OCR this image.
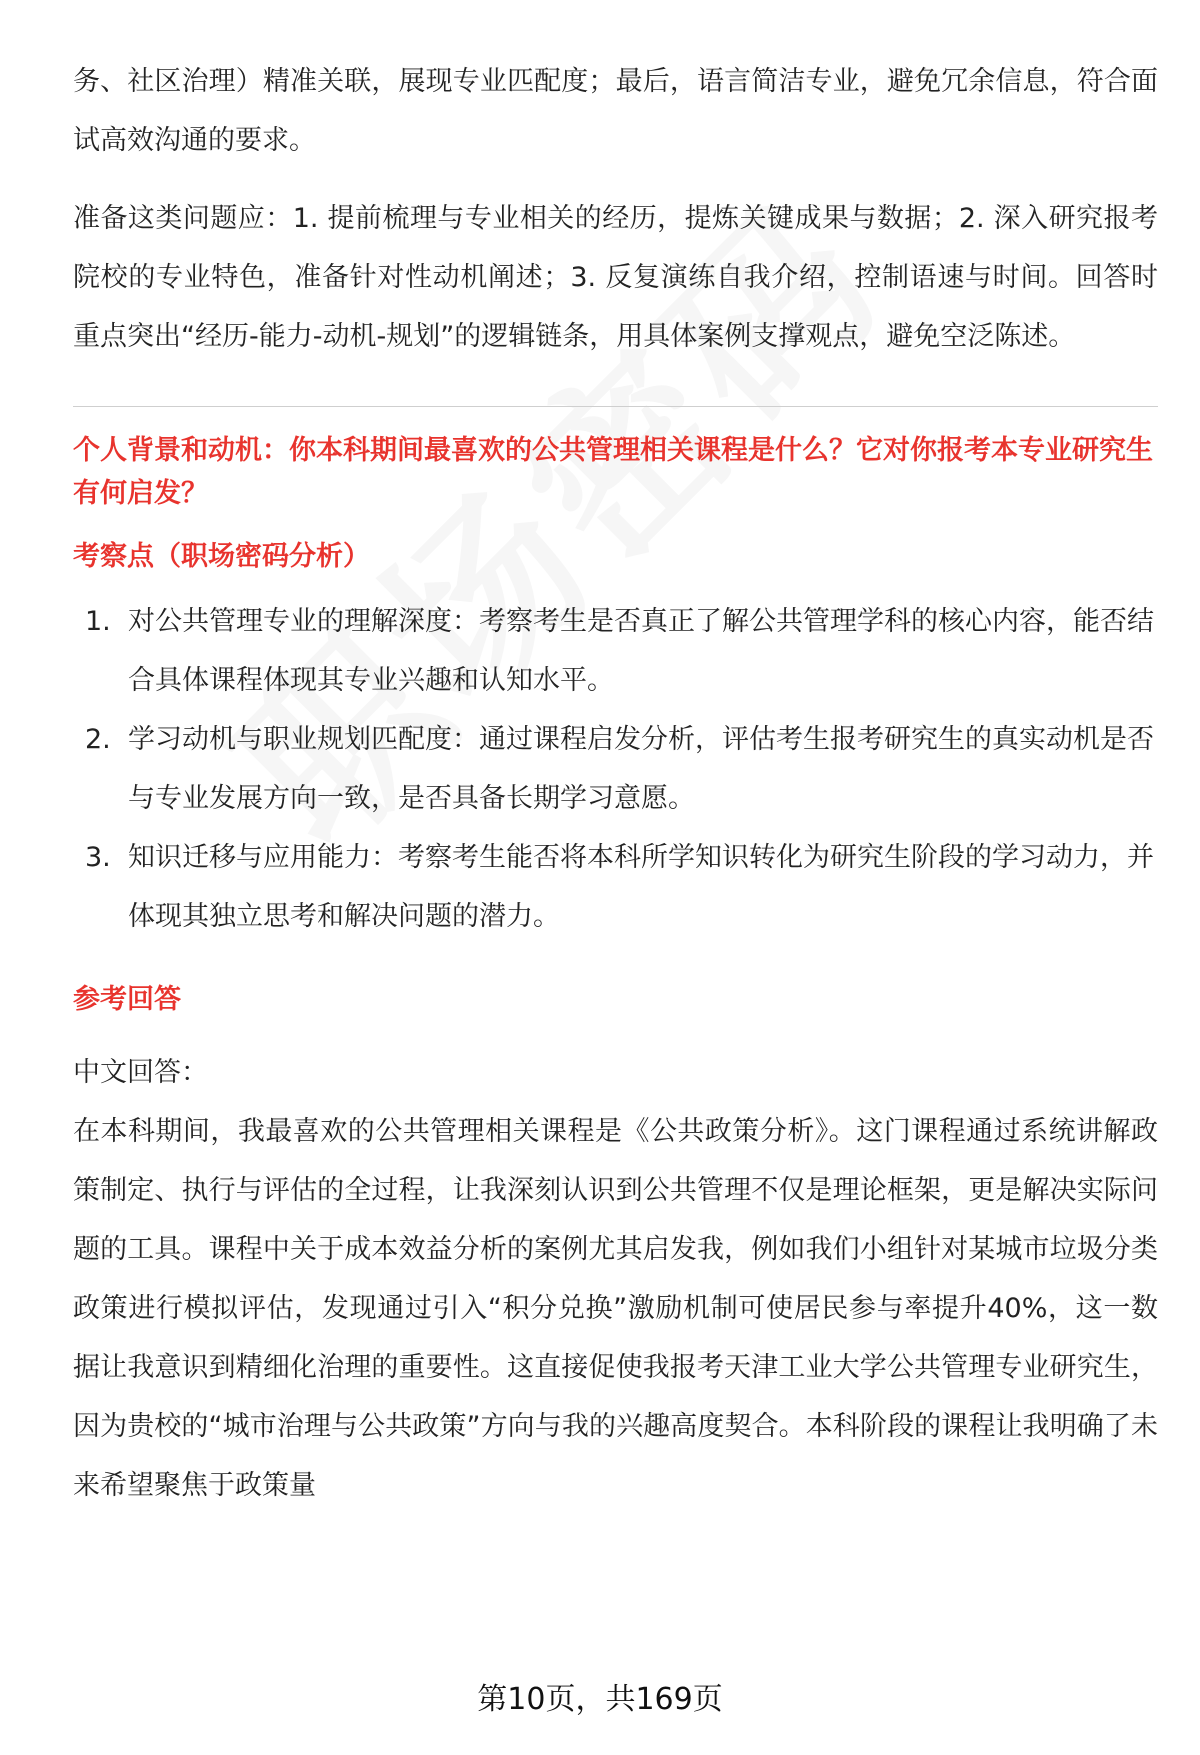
务、社区治理）精准关联，展现专业匹配度；最后，语言简洁专业，避免冗余信息，符合面试高效沟通的要求。

准备这类问题应：1. 提前梳理与专业相关的经历，提炼关键成果与数据；2. 深入研究报考院校的专业特色，准备针对性动机阐述；3. 反复演练自我介绍，控制语速与时间。回答时重点突出“经历-能力-动机-规划”的逻辑链条，用具体案例支撑观点，避免空泛陈述。

个人背景和动机：你本科期间最喜欢的公共管理相关课程是什么？它对你报考本专业研究生有何启发？
考察点（职场密码分析）
1. 对公共管理专业的理解深度：考察考生是否真正了解公共管理学科的核心内容，能否结合具体课程体现其专业兴趣和认知水平。
2. 学习动机与职业规划匹配度：通过课程启发分析，评估考生报考研究生的真实动机是否与专业发展方向一致，是否具备长期学习意愿。
3. 知识迁移与应用能力：考察考生能否将本科所学知识转化为研究生阶段的学习动力，并体现其独立思考和解决问题的潜力。
参考回答

中文回答：

在本科期间，我最喜欢的公共管理相关课程是《公共政策分析》。这门课程通过系统讲解政策制定、执行与评估的全过程，让我深刻认识到公共管理不仅是理论框架，更是解决实际问题的工具。课程中关于成本效益分析的案例尤其启发我，例如我们小组针对某城市垃圾分类政策进行模拟评估，发现通过引入“积分兑换”激励机制可使居民参与率提升40%，这一数据让我意识到精细化治理的重要性。这直接促使我报考天津工业大学公共管理专业研究生，因为贵校的“城市治理与公共政策”方向与我的兴趣高度契合。本科阶段的课程让我明确了未来希望聚焦于政策量

第10页，共169页
